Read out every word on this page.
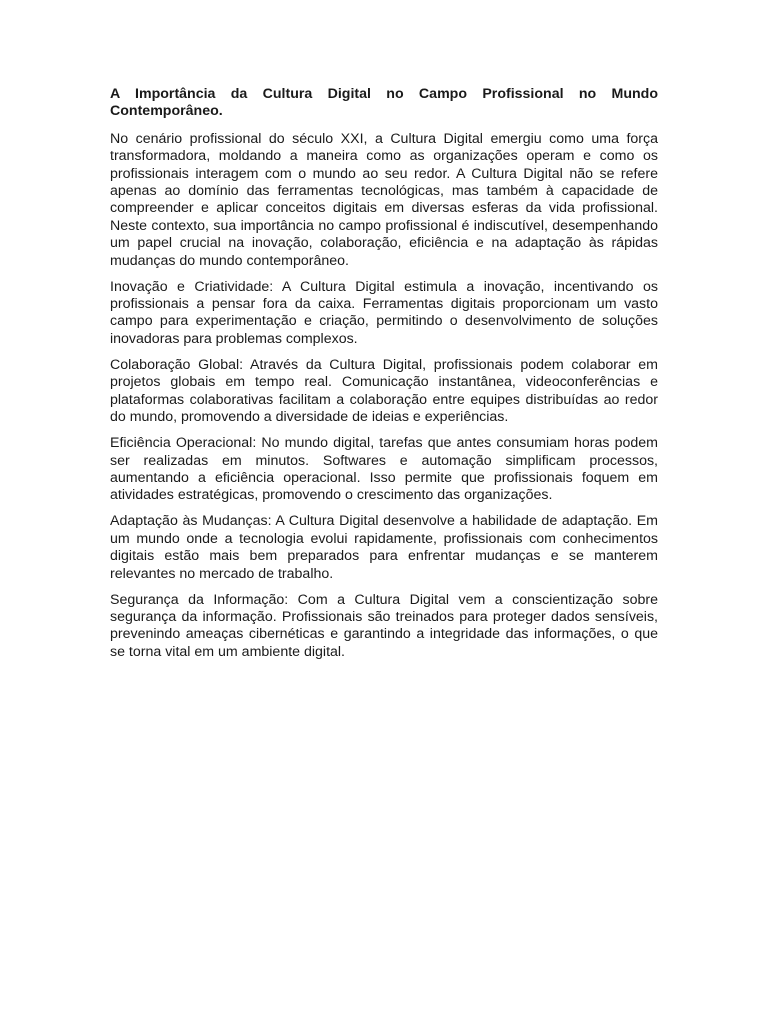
A Importância da Cultura Digital no Campo Profissional no Mundo Contemporâneo.

No cenário profissional do século XXI, a Cultura Digital emergiu como uma força transformadora, moldando a maneira como as organizações operam e como os profissionais interagem com o mundo ao seu redor. A Cultura Digital não se refere apenas ao domínio das ferramentas tecnológicas, mas também à capacidade de compreender e aplicar conceitos digitais em diversas esferas da vida profissional. Neste contexto, sua importância no campo profissional é indiscutível, desempenhando um papel crucial na inovação, colaboração, eficiência e na adaptação às rápidas mudanças do mundo contemporâneo.

Inovação e Criatividade: A Cultura Digital estimula a inovação, incentivando os profissionais a pensar fora da caixa. Ferramentas digitais proporcionam um vasto campo para experimentação e criação, permitindo o desenvolvimento de soluções inovadoras para problemas complexos.

Colaboração Global: Através da Cultura Digital, profissionais podem colaborar em projetos globais em tempo real. Comunicação instantânea, videoconferências e plataformas colaborativas facilitam a colaboração entre equipes distribuídas ao redor do mundo, promovendo a diversidade de ideias e experiências.

Eficiência Operacional: No mundo digital, tarefas que antes consumiam horas podem ser realizadas em minutos. Softwares e automação simplificam processos, aumentando a eficiência operacional. Isso permite que profissionais foquem em atividades estratégicas, promovendo o crescimento das organizações.

Adaptação às Mudanças: A Cultura Digital desenvolve a habilidade de adaptação. Em um mundo onde a tecnologia evolui rapidamente, profissionais com conhecimentos digitais estão mais bem preparados para enfrentar mudanças e se manterem relevantes no mercado de trabalho.

Segurança da Informação: Com a Cultura Digital vem a conscientização sobre segurança da informação. Profissionais são treinados para proteger dados sensíveis, prevenindo ameaças cibernéticas e garantindo a integridade das informações, o que se torna vital em um ambiente digital.
